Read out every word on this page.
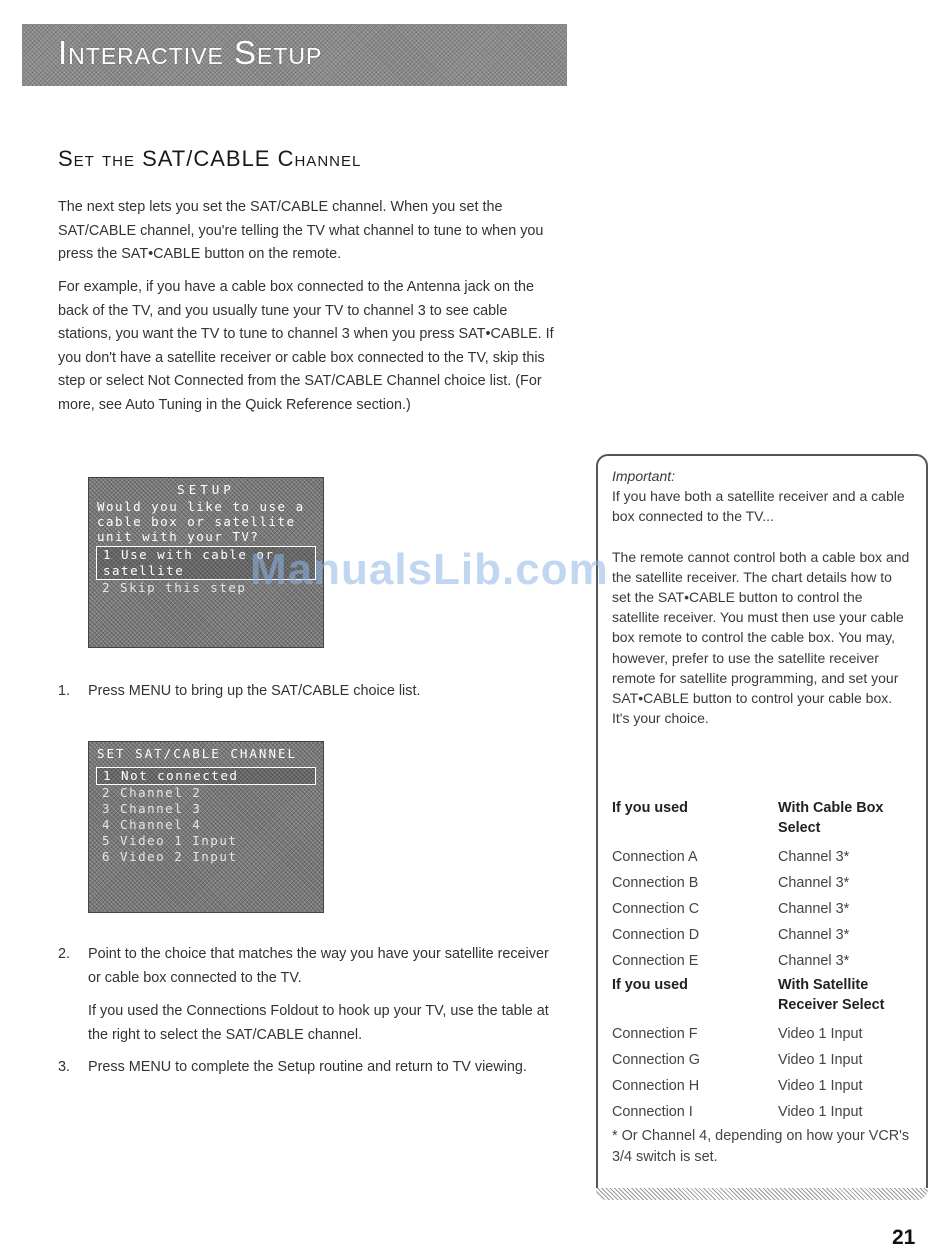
Interactive Setup
Set the SAT/CABLE Channel

The next step lets you set the SAT/CABLE channel. When you set the SAT/CABLE channel, you're telling the TV what channel to tune to when you press the SAT•CABLE button on the remote.

For example, if you have a cable box connected to the Antenna jack on the back of the TV, and you usually tune your TV to channel 3 to see cable stations, you want the TV to tune to channel 3 when you press SAT•CABLE. If you don't have a satellite receiver or cable box connected to the TV, skip this step or select Not Connected from the SAT/CABLE Channel choice list. (For more, see Auto Tuning in the Quick Reference section.)

SETUP
Would you like to use a cable box or satellite unit with your TV?
1 Use with cable or satellite
2 Skip this step
1. Press MENU to bring up the SAT/CABLE choice list.
SET SAT/CABLE CHANNEL
1 Not connected
2 Channel 2
3 Channel 3
4 Channel 4
5 Video 1 Input
6 Video 2 Input
2. Point to the choice that matches the way you have your satellite receiver or cable box connected to the TV.
If you used the Connections Foldout to hook up your TV, use the table at the right to select the SAT/CABLE channel.
3. Press MENU to complete the Setup routine and return to TV viewing.
Important:
If you have both a satellite receiver and a cable box connected to the TV...
The remote cannot control both a cable box and the satellite receiver. The chart details how to set the SAT•CABLE button to control the satellite receiver. You must then use your cable box remote to control the cable box. You may, however, prefer to use the satellite receiver remote for satellite programming, and set your SAT•CABLE button to control your cable box. It's your choice.
If you used	With Cable Box Select
Connection A	Channel 3*
Connection B	Channel 3*
Connection C	Channel 3*
Connection D	Channel 3*
Connection E	Channel 3*
If you used	With Satellite Receiver Select
Connection F	Video 1 Input
Connection G	Video 1 Input
Connection H	Video 1 Input
Connection I	Video 1 Input
* Or Channel 4, depending on how your VCR's 3/4 switch is set.
ManualsLib.com
21
